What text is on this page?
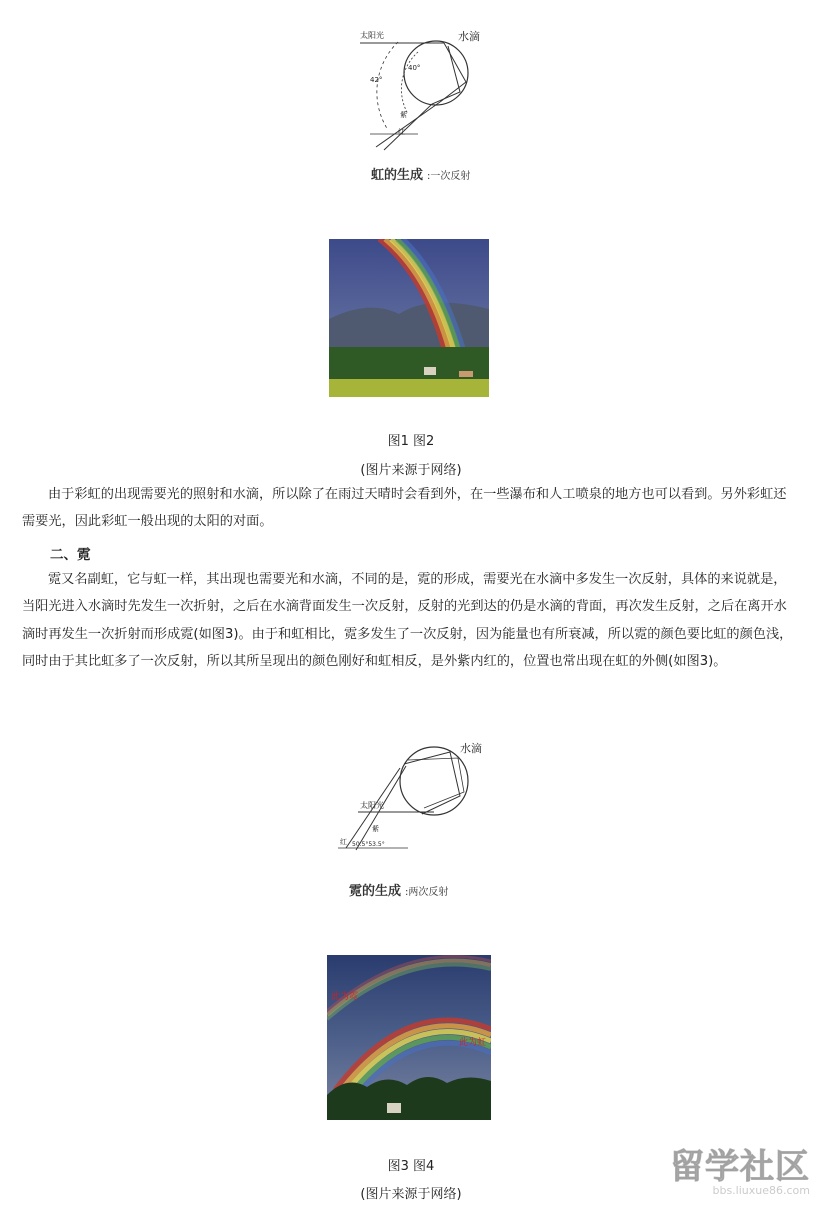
太阳光	水滴
40°
42°
紫
红
虹的生成 :一次反射
图1 图2
(图片来源于网络)

由于彩虹的出现需要光的照射和水滴，所以除了在雨过天晴时会看到外，在一些瀑布和人工喷泉的地方也可以看到。另外彩虹还需要光，因此彩虹一般出现的太阳的对面。

二、霓

霓又名副虹，它与虹一样，其出现也需要光和水滴，不同的是，霓的形成，需要光在水滴中多发生一次反射，具体的来说就是，当阳光进入水滴时先发生一次折射，之后在水滴背面发生一次反射，反射的光到达的仍是水滴的背面，再次发生反射，之后在离开水滴时再发生一次折射而形成霓(如图3)。由于和虹相比，霓多发生了一次反射，因为能量也有所衰减，所以霓的颜色要比虹的颜色浅，同时由于其比虹多了一次反射，所以其所呈现出的颜色刚好和虹相反，是外紫内红的，位置也常出现在虹的外侧(如图3)。

水滴
太阳光
紫
红 50.5°53.5°
霓的生成 :两次反射
此为霓
此为虹
图3 图4
(图片来源于网络)
留学社区
bbs.liuxue86.com
